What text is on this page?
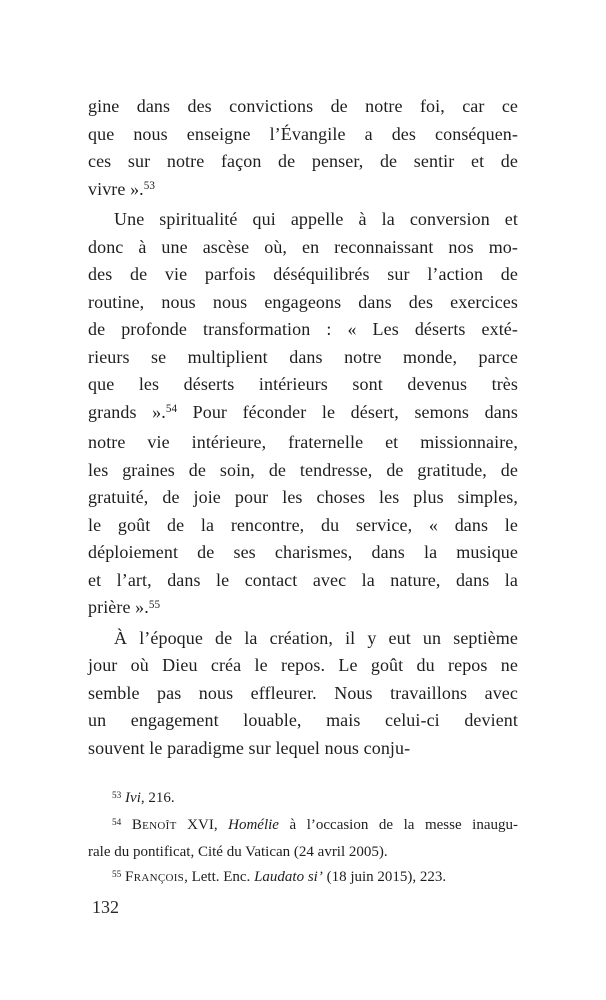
gine dans des convictions de notre foi, car ce
que nous enseigne l’Évangile a des conséquen-
ces sur notre façon de penser, de sentir et de
vivre ».$^{53}$
Une spiritualité qui appelle à la conversion et
donc à une ascèse où, en reconnaissant nos mo-
des de vie parfois déséquilibrés sur l’action de
routine, nous nous engageons dans des exercices
de profonde transformation : « Les déserts exté-
rieurs se multiplient dans notre monde, parce
que les déserts intérieurs sont devenus très
grands ».$^{54}$ Pour féconder le désert, semons dans
notre vie intérieure, fraternelle et missionnaire,
les graines de soin, de tendresse, de gratitude, de
gratuité, de joie pour les choses les plus simples,
le goût de la rencontre, du service, « dans le
déploiement de ses charismes, dans la musique
et l’art, dans le contact avec la nature, dans la
prière ».$^{55}$
À l’époque de la création, il y eut un septième
jour où Dieu créa le repos. Le goût du repos ne
semble pas nous effleurer. Nous travaillons avec
un engagement louable, mais celui-ci devient
souvent le paradigme sur lequel nous conju-
$^{53}$ Ivi, 216.
$^{54}$ Benoît XVI, Homélie à l’occasion de la messe inaugu-
rale du pontificat, Cité du Vatican (24 avril 2005).
$^{55}$ François, Lett. Enc. Laudato si’ (18 juin 2015), 223.
132
